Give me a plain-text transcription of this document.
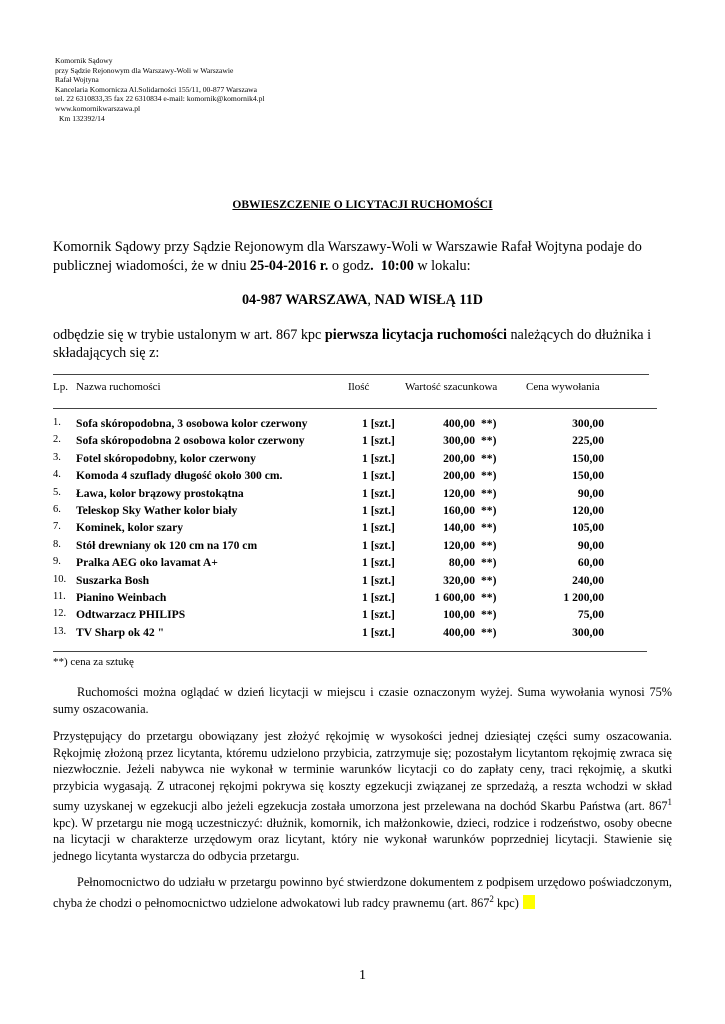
Komornik Sądowy
przy Sądzie Rejonowym dla Warszawy-Woli w Warszawie
Rafał Wojtyna
Kancelaria Komornicza Al.Solidarności 155/11, 00-877 Warszawa
tel. 22 6310833,35 fax 22 6310834 e-mail: komornik@komornik4.pl
www.komornikwarszawa.pl
Km 132392/14
OBWIESZCZENIE O LICYTACJI RUCHOMOŚCI
Komornik Sądowy przy Sądzie Rejonowym dla Warszawy-Woli w Warszawie Rafał Wojtyna podaje do publicznej wiadomości, że w dniu 25-04-2016 r. o godz. 10:00 w lokalu:
04-987 WARSZAWA, NAD WISŁĄ 11D
odbędzie się w trybie ustalonym w art. 867 kpc pierwsza licytacja ruchomości należących do dłużnika i składających się z:
Lp. Nazwa ruchomości	Ilość	Wartość szacunkowa	Cena wywołania
1. Sofa skóropodobna, 3 osobowa kolor czerwony	1 [szt.]	400,00 **)	300,00
2. Sofa skóropodobna 2 osobowa kolor czerwony	1 [szt.]	300,00 **)	225,00
3. Fotel skóropodobny, kolor czerwony	1 [szt.]	200,00 **)	150,00
4. Komoda 4 szuflady długość około 300 cm.	1 [szt.]	200,00 **)	150,00
5. Ława, kolor brązowy prostokątna	1 [szt.]	120,00 **)	90,00
6. Teleskop Sky Wather kolor biały	1 [szt.]	160,00 **)	120,00
7. Kominek, kolor szary	1 [szt.]	140,00 **)	105,00
8. Stół drewniany ok 120 cm na 170 cm	1 [szt.]	120,00 **)	90,00
9. Pralka AEG oko lavamat A+	1 [szt.]	80,00 **)	60,00
10. Suszarka Bosh	1 [szt.]	320,00 **)	240,00
11. Pianino Weinbach	1 [szt.]	1 600,00 **)	1 200,00
12. Odtwarzacz PHILIPS	1 [szt.]	100,00 **)	75,00
13. TV Sharp ok 42 "	1 [szt.]	400,00 **)	300,00
**) cena za sztukę
Ruchomości można oglądać w dzień licytacji w miejscu i czasie oznaczonym wyżej. Suma wywołania wynosi 75% sumy oszacowania.
Przystępujący do przetargu obowiązany jest złożyć rękojmię w wysokości jednej dziesiątej części sumy oszacowania. Rękojmię złożoną przez licytanta, któremu udzielono przybicia, zatrzymuje się; pozostałym licytantom rękojmię zwraca się niezwłocznie. Jeżeli nabywca nie wykonał w terminie warunków licytacji co do zapłaty ceny, traci rękojmię, a skutki przybicia wygasają. Z utraconej rękojmi pokrywa się koszty egzekucji związanej ze sprzedażą, a reszta wchodzi w skład sumy uzyskanej w egzekucji albo jeżeli egzekucja została umorzona jest przelewana na dochód Skarbu Państwa (art. $867^1$ kpc). W przetargu nie mogą uczestniczyć: dłużnik, komornik, ich małżonkowie, dzieci, rodzice i rodzeństwo, osoby obecne na licytacji w charakterze urzędowym oraz licytant, który nie wykonał warunków poprzedniej licytacji. Stawienie się jednego licytanta wystarcza do odbycia przetargu.
Pełnomocnictwo do udziału w przetargu powinno być stwierdzone dokumentem z podpisem urzędowo poświadczonym, chyba że chodzi o pełnomocnictwo udzielone adwokatowi lub radcy prawnemu (art. $867^2$ kpc)
1
